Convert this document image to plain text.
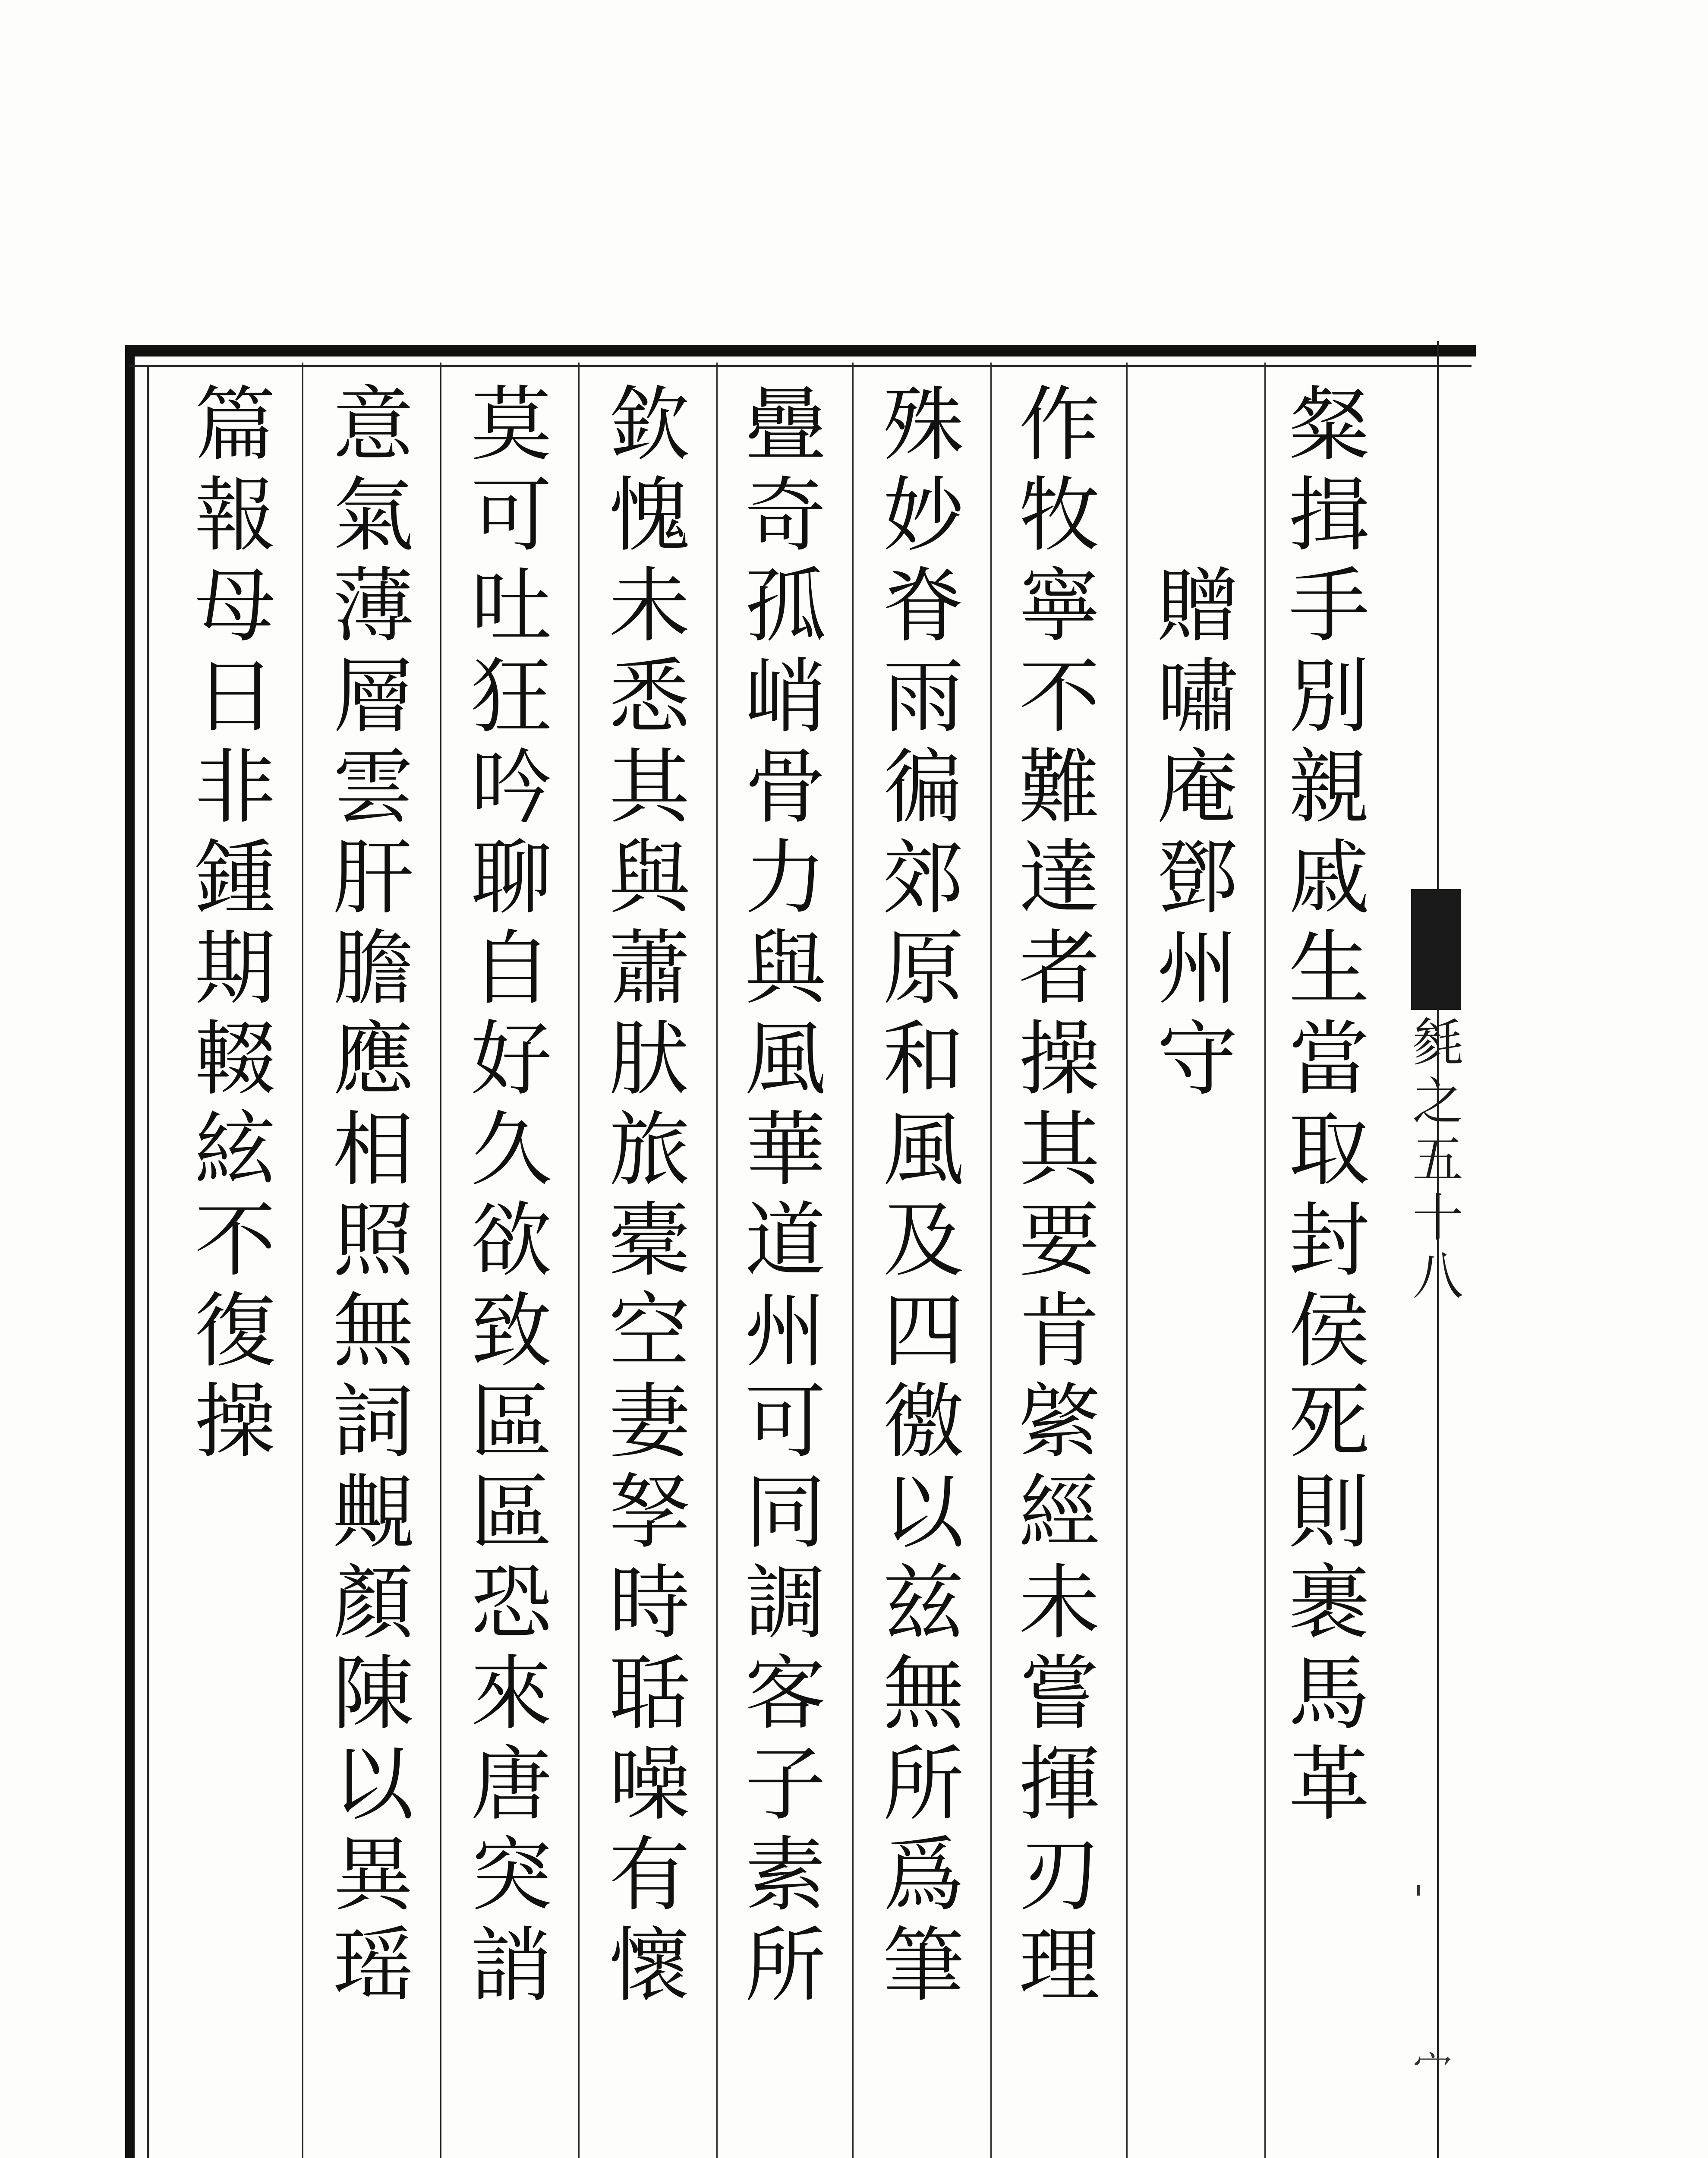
毵之五十八
'
宀
粲揖手別親戚生當取封侯死則裹馬革
贈嘯庵鄧州守
作牧寧不難達者操其要肯綮經未嘗揮刃理
殊妙脊雨徧郊原和風及四徼以兹無所爲筆
曡奇孤峭骨力與風華道州可同調客子素所
欽愧未悉其與蕭肰旅橐空妻孥時聒噪有懷
莫可吐狂吟聊自好久欲致區區恐來唐突誚
意氣薄層雲肝膽應相照無詞覥顏陳以異瑶
篇報母日非鍾期輟絃不復操
